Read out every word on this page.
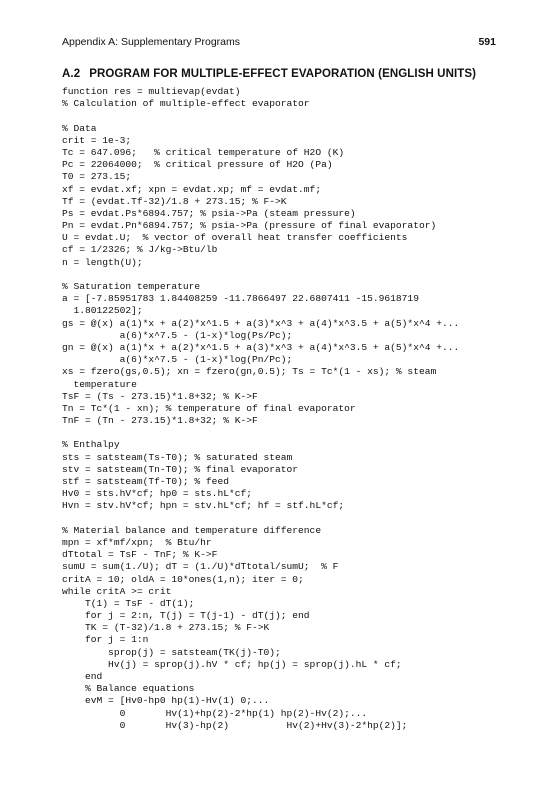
Appendix A: Supplementary Programs	591
A.2 PROGRAM FOR MULTIPLE-EFFECT EVAPORATION (ENGLISH UNITS)
function res = multievap(evdat)
% Calculation of multiple-effect evaporator
% Data
crit = 1e-3;
Tc = 647.096;   % critical temperature of H2O (K)
Pc = 22064000;  % critical pressure of H2O (Pa)
T0 = 273.15;
xf = evdat.xf; xpn = evdat.xp; mf = evdat.mf;
Tf = (evdat.Tf-32)/1.8 + 273.15; % F->K
Ps = evdat.Ps*6894.757; % psia->Pa (steam pressure)
Pn = evdat.Pn*6894.757; % psia->Pa (pressure of final evaporator)
U = evdat.U;  % vector of overall heat transfer coefficients
cf = 1/2326; % J/kg->Btu/lb
n = length(U);
% Saturation temperature
a = [-7.85951783 1.84408259 -11.7866497 22.6807411 -15.9618719
1.80122502];
gs = @(x) a(1)*x + a(2)*x^1.5 + a(3)*x^3 + a(4)*x^3.5 + a(5)*x^4 +...
a(6)*x^7.5 - (1-x)*log(Ps/Pc);
gn = @(x) a(1)*x + a(2)*x^1.5 + a(3)*x^3 + a(4)*x^3.5 + a(5)*x^4 +...
a(6)*x^7.5 - (1-x)*log(Pn/Pc);
xs = fzero(gs,0.5); xn = fzero(gn,0.5); Ts = Tc*(1 - xs); % steam
temperature
TsF = (Ts - 273.15)*1.8+32; % K->F
Tn = Tc*(1 - xn); % temperature of final evaporator
TnF = (Tn - 273.15)*1.8+32; % K->F
% Enthalpy
sts = satsteam(Ts-T0); % saturated steam
stv = satsteam(Tn-T0); % final evaporator
stf = satsteam(Tf-T0); % feed
Hv0 = sts.hV*cf; hp0 = sts.hL*cf;
Hvn = stv.hV*cf; hpn = stv.hL*cf; hf = stf.hL*cf;
% Material balance and temperature difference
mpn = xf*mf/xpn;  % Btu/hr
dTtotal = TsF - TnF; % K->F
sumU = sum(1./U); dT = (1./U)*dTtotal/sumU;  % F
critA = 10; oldA = 10*ones(1,n); iter = 0;
while critA >= crit
T(1) = TsF - dT(1);
for j = 2:n, T(j) = T(j-1) - dT(j); end
TK = (T-32)/1.8 + 273.15; % F->K
for j = 1:n
sprop(j) = satsteam(TK(j)-T0);
Hv(j) = sprop(j).hV * cf; hp(j) = sprop(j).hL * cf;
end
% Balance equations
evM = [Hv0-hp0 hp(1)-Hv(1) 0;...
0       Hv(1)+hp(2)-2*hp(1) hp(2)-Hv(2);...
0       Hv(3)-hp(2)          Hv(2)+Hv(3)-2*hp(2)];
